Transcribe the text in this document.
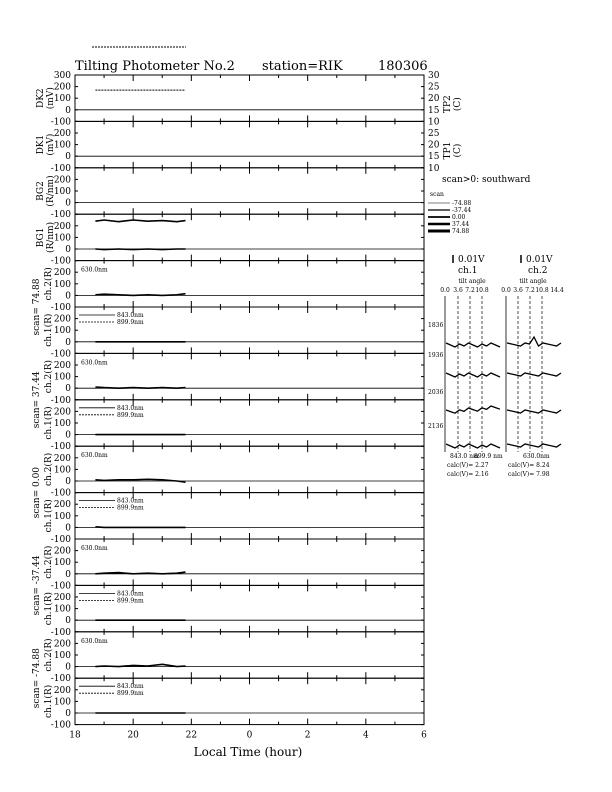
Tilting Photometer No.2 station=RIK	180306
200
100
0
-100
300
DK2 (mV)
30
25
20
15
10
TP2 (C)
200
100
0
-100
DK1 (mV)	25
20
15
10
TP1 (C)
200
100
0
-100
BG2 (R/nm)
200
100
0
-100
BG1 (R/nm)
200
100
0
-100
ch.2(R)
scan= 74.88
630.0nm
200
100
0
-100
ch.1(R)	843.0nm
899.9nm
200
100
0
-100
ch.2(R)
scan= 37.44
630.0nm
200
100
0
-100
ch.1(R)	843.0nm
899.9nm
200
100
0
-100
ch.2(R)
scan= 0.00
630.0nm
200
100
0
-100
ch.1(R)	843.0nm
899.9nm
200
100
0
-100
ch.2(R)
scan= -37.44
630.0nm
200
100
0
-100
ch.1(R)	843.0nm
899.9nm
200
100
0
-100
ch.2(R)
scan= -74.88
630.0nm
200
100
0
-100
ch.1(R)	843.0nm
899.9nm
Local Time (hour)
18	20	22	0	2	4	6
scan>0: southward
scan
-74.88
-37.44
0.00
37.44
74.88
0.01V
ch.1
0.01V
ch.2
tilt angle	tilt angle
0.0 3.6 7.2 10.8 0.0 3.6 7.2 10.8 14.4
1836
1936
2036
2136
843.0 nm
899.9 nm	630.0nm
calc(V)= 2.27
calc(V)= 2.16
calc(V)= 8.24
calc(V)= 7.98
